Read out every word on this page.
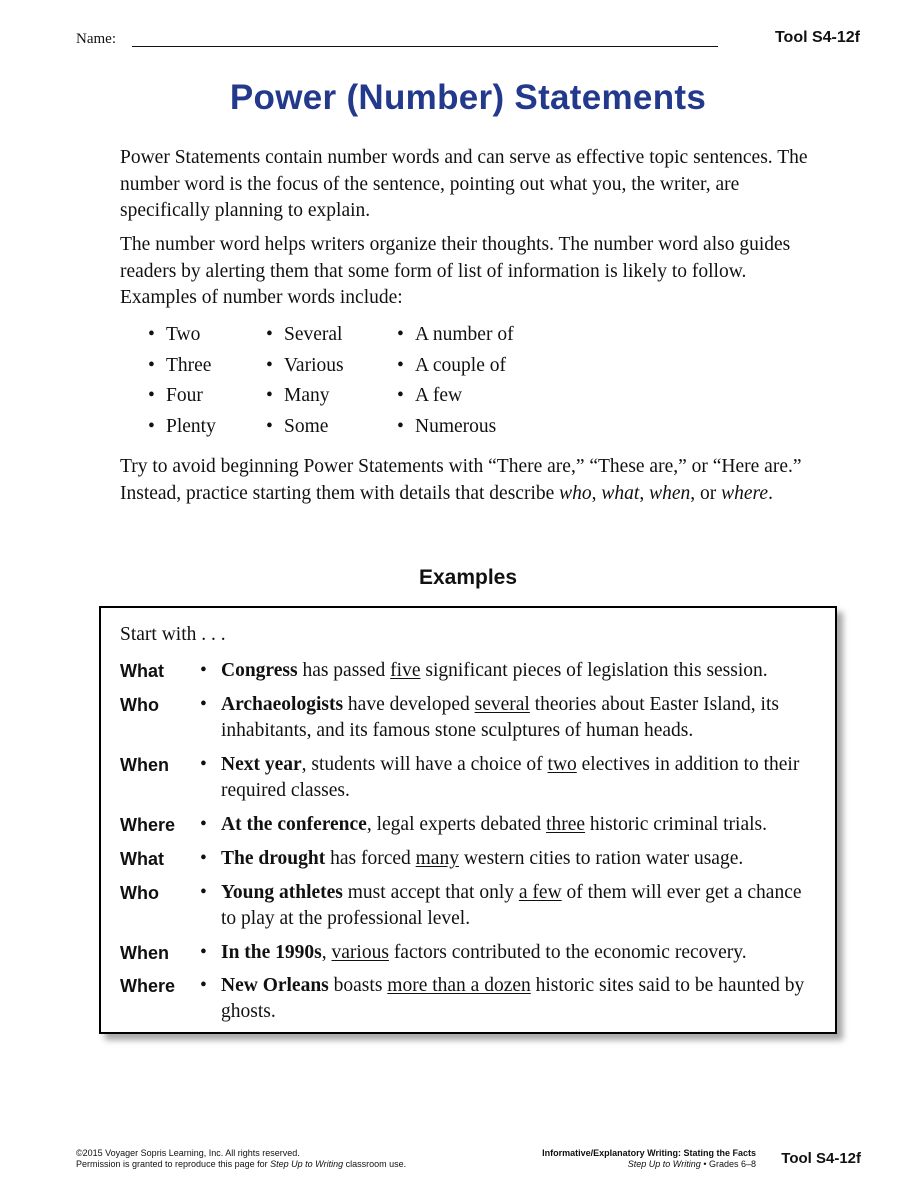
Name:	Tool S4-12f
Power (Number) Statements
Power Statements contain number words and can serve as effective topic sentences. The number word is the focus of the sentence, pointing out what you, the writer, are specifically planning to explain.
The number word helps writers organize their thoughts. The number word also guides readers by alerting them that some form of list of information is likely to follow. Examples of number words include:
• Two
• Three
• Four
• Plenty
• Several
• Various
• Many
• Some
• A number of
• A couple of
• A few
• Numerous
Try to avoid beginning Power Statements with “There are,” “These are,” or “Here are.” Instead, practice starting them with details that describe who, what, when, or where.
Examples
Start with . . .
What • Congress has passed five significant pieces of legislation this session.
Who • Archaeologists have developed several theories about Easter Island, its inhabitants, and its famous stone sculptures of human heads.
When • Next year, students will have a choice of two electives in addition to their required classes.
Where • At the conference, legal experts debated three historic criminal trials.
What • The drought has forced many western cities to ration water usage.
Who • Young athletes must accept that only a few of them will ever get a chance to play at the professional level.
When • In the 1990s, various factors contributed to the economic recovery.
Where • New Orleans boasts more than a dozen historic sites said to be haunted by ghosts.
©2015 Voyager Sopris Learning, Inc. All rights reserved.
Permission is granted to reproduce this page for Step Up to Writing classroom use.
Informative/Explanatory Writing: Stating the Facts
Step Up to Writing • Grades 6–8 Tool S4-12f
